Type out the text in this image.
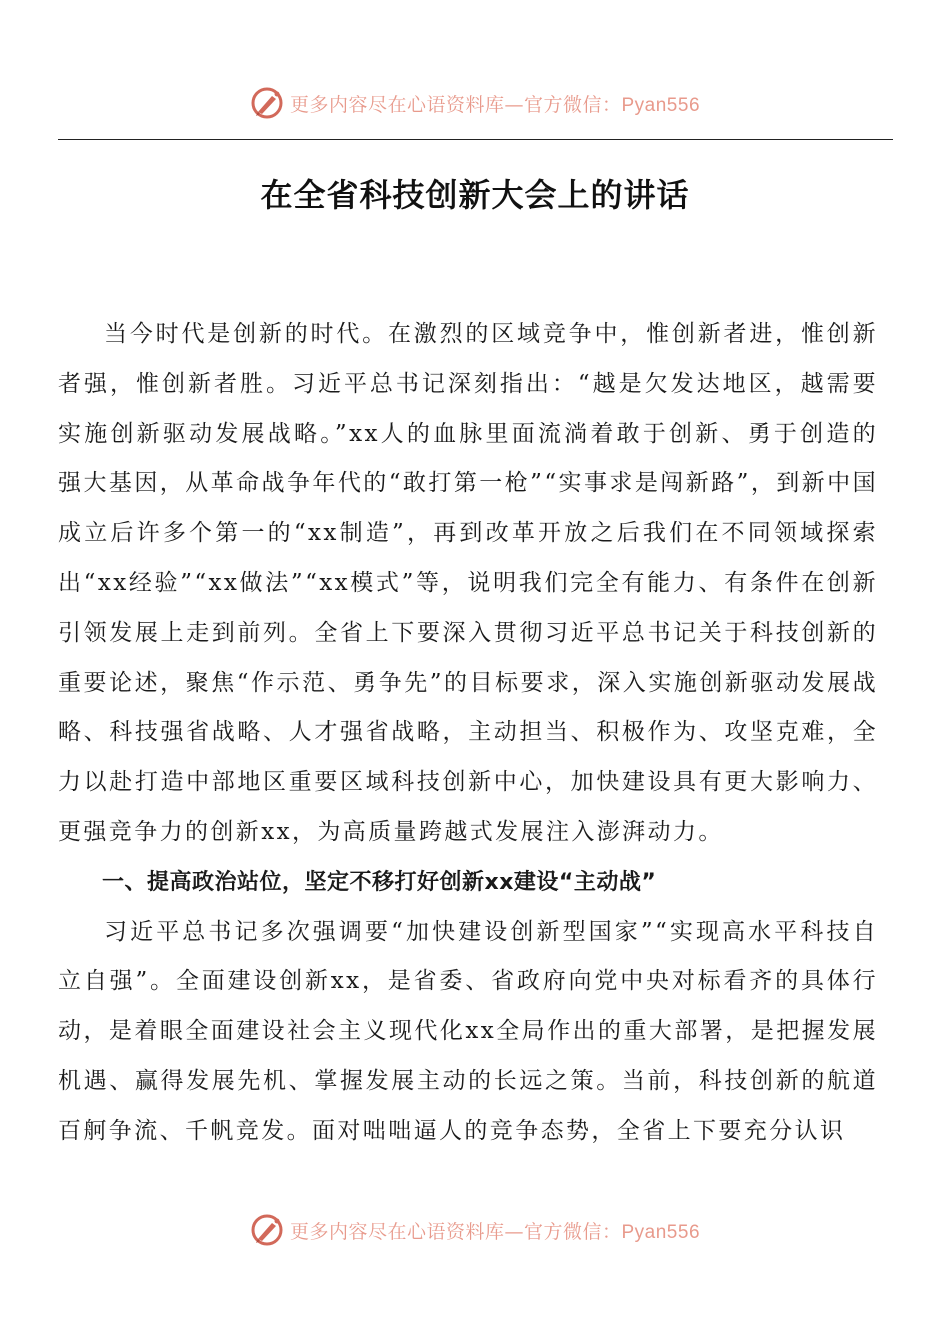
更多内容尽在心语资料库—官方微信：Pyan556
在全省科技创新大会上的讲话

当今时代是创新的时代。在激烈的区域竞争中，惟创新者进，惟创新者强，惟创新者胜。习近平总书记深刻指出：“越是欠发达地区，越需要实施创新驱动发展战略。”xx人的血脉里面流淌着敢于创新、勇于创造的强大基因，从革命战争年代的“敢打第一枪”“实事求是闯新路”，到新中国成立后许多个第一的“xx制造”，再到改革开放之后我们在不同领域探索出“xx经验”“xx做法”“xx模式”等，说明我们完全有能力、有条件在创新引领发展上走到前列。全省上下要深入贯彻习近平总书记关于科技创新的重要论述，聚焦“作示范、勇争先”的目标要求，深入实施创新驱动发展战略、科技强省战略、人才强省战略，主动担当、积极作为、攻坚克难，全力以赴打造中部地区重要区域科技创新中心，加快建设具有更大影响力、更强竞争力的创新xx，为高质量跨越式发展注入澎湃动力。

一、提高政治站位，坚定不移打好创新xx建设“主动战”

习近平总书记多次强调要“加快建设创新型国家”“实现高水平科技自立自强”。全面建设创新xx，是省委、省政府向党中央对标看齐的具体行动，是着眼全面建设社会主义现代化xx全局作出的重大部署，是把握发展机遇、赢得发展先机、掌握发展主动的长远之策。当前，科技创新的航道百舸争流、千帆竞发。面对咄咄逼人的竞争态势，全省上下要充分认识

更多内容尽在心语资料库—官方微信：Pyan556
